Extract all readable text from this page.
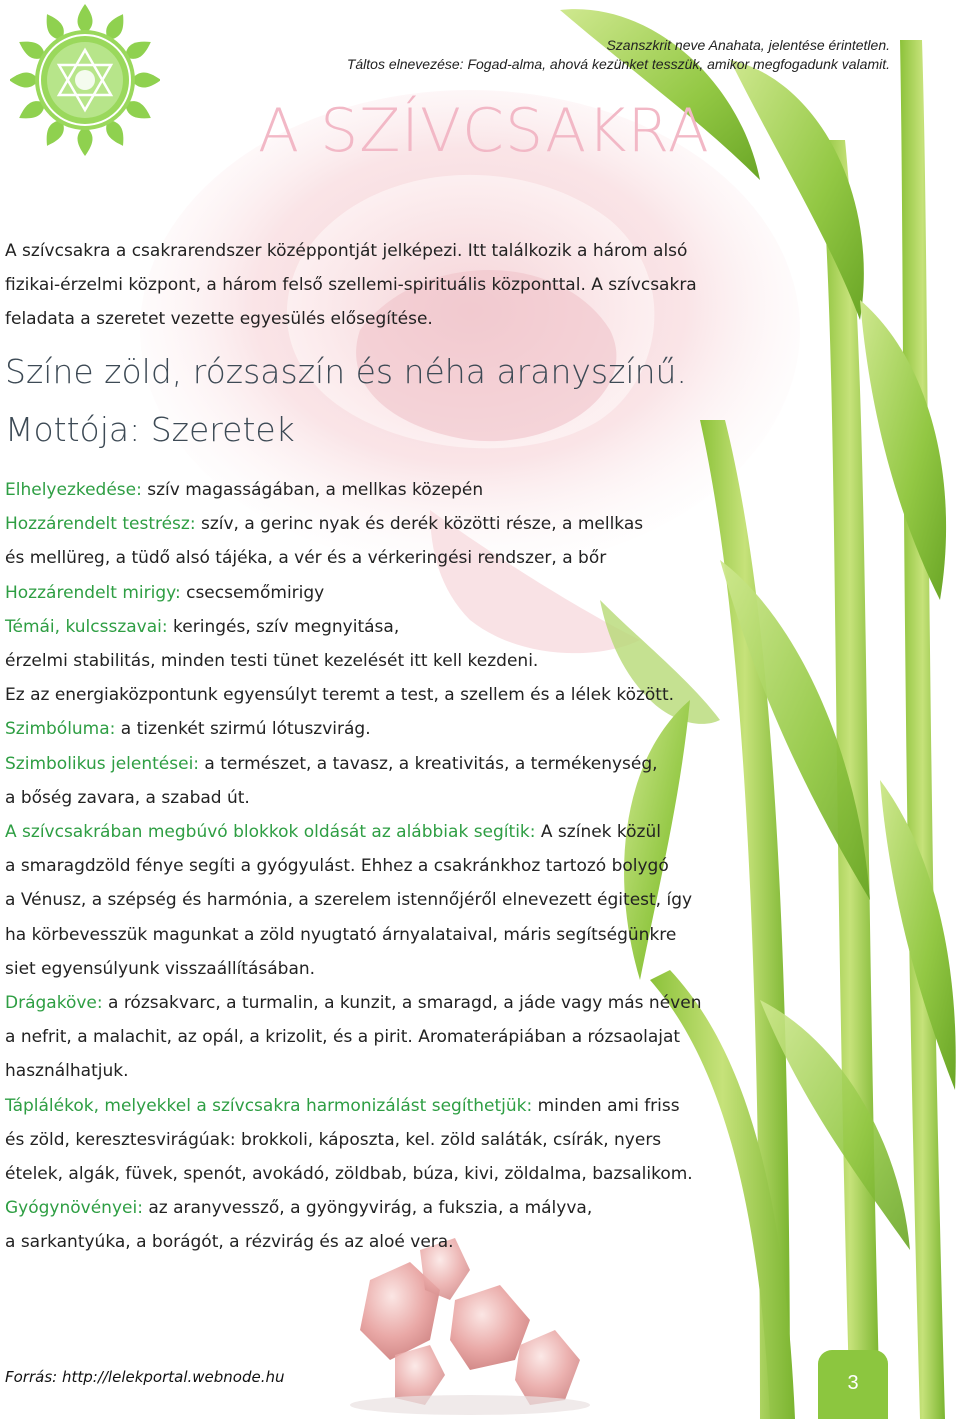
Szanszkrit neve Anahata, jelentése érintetlen.
Táltos elnevezése: Fogad-alma, ahová kezünket tesszük, amikor megfogadunk valamit.
A SZÍVCSAKRA

A szívcsakra a csakrarendszer középpontját jelképezi. Itt találkozik a három alsó fizikai-érzelmi központ, a három felső szellemi-spirituális központtal. A szívcsakra feladata a szeretet vezette egyesülés elősegítése.

Színe zöld, rózsaszín és néha aranyszínű.

Mottója: Szeretek

Elhelyezkedése: szív magasságában, a mellkas közepén

Hozzárendelt testrész: szív, a gerinc nyak és derék közötti része, a mellkas

és mellüreg, a tüdő alsó tájéka, a vér és a vérkeringési rendszer, a bőr

Hozzárendelt mirigy: csecsemőmirigy

Témái, kulcsszavai: keringés, szív megnyitása,

érzelmi stabilitás, minden testi tünet kezelését itt kell kezdeni.

Ez az energiaközpontunk egyensúlyt teremt a test, a szellem és a lélek között.

Szimbóluma: a tizenkét szirmú lótuszvirág.

Szimbolikus jelentései: a természet, a tavasz, a kreativitás, a termékenység,

a bőség zavara, a szabad út.

A szívcsakrában megbúvó blokkok oldását az alábbiak segítik: A színek közül

a smaragdzöld fénye segíti a gyógyulást. Ehhez a csakránkhoz tartozó bolygó

a Vénusz, a szépség és harmónia, a szerelem istennőjéről elnevezett égitest, így

ha körbevesszük magunkat a zöld nyugtató árnyalataival, máris segítségünkre

siet egyensúlyunk visszaállításában.

Drágaköve: a rózsakvarc, a turmalin, a kunzit, a smaragd, a jáde vagy más néven

a nefrit, a malachit, az opál, a krizolit, és a pirit. Aromaterápiában a rózsaolajat

használhatjuk.

Táplálékok, melyekkel a szívcsakra harmonizálást segíthetjük: minden ami friss

és zöld, keresztesvirágúak: brokkoli, káposzta, kel. zöld saláták, csírák, nyers

ételek, algák, füvek, spenót, avokádó, zöldbab, búza, kivi, zöldalma, bazsalikom.

Gyógynövényei: az aranyvessző, a gyöngyvirág, a fukszia, a mályva,

a sarkantyúka, a borágót, a rézvirág és az aloé vera.

Forrás: http://lelekportal.webnode.hu	3
